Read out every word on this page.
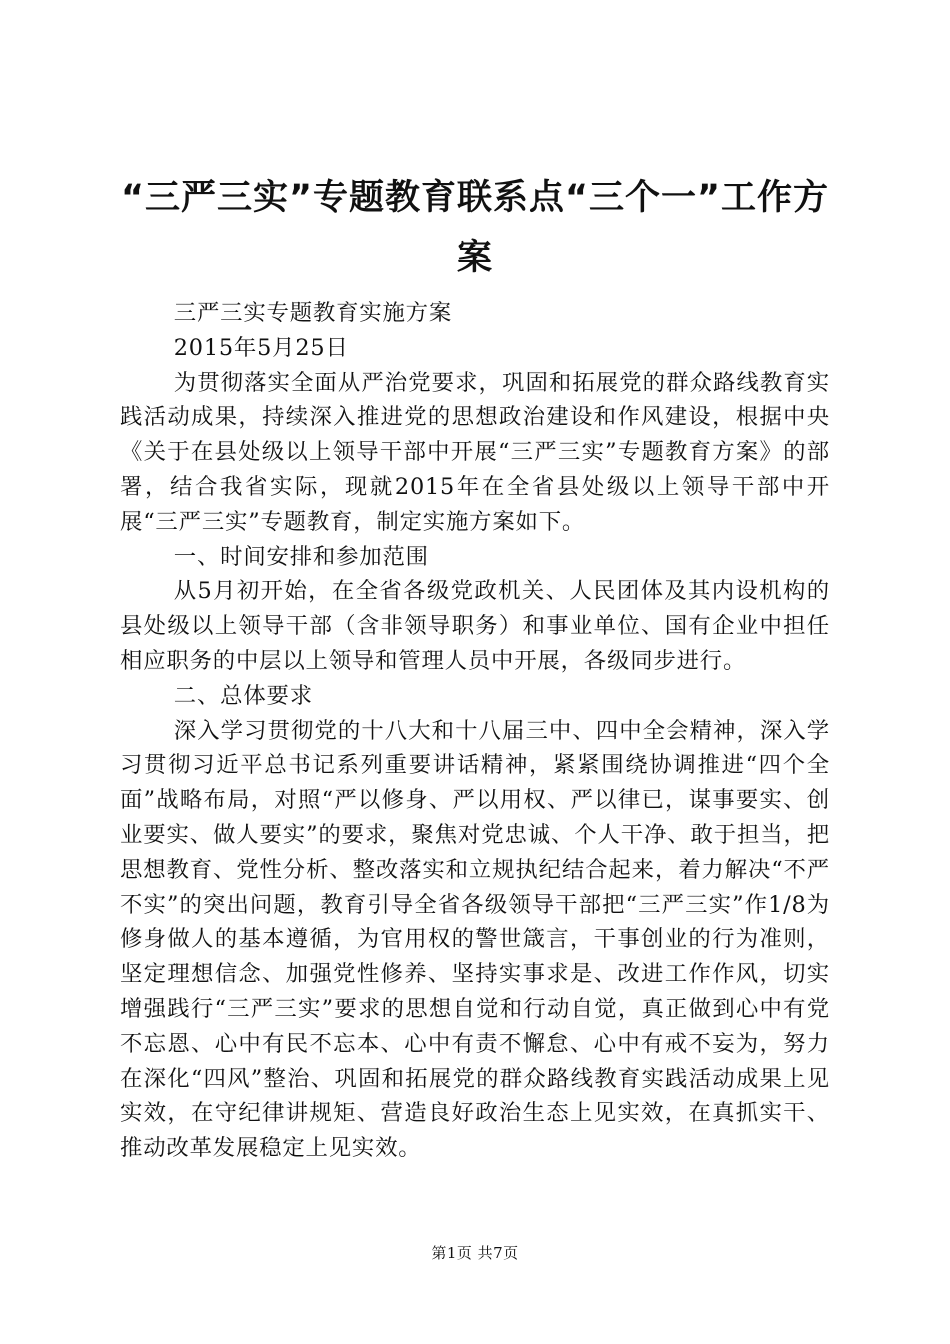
“三严三实”专题教育联系点“三个一”工作方案

三严三实专题教育实施方案

2015年5月25日

为贯彻落实全面从严治党要求，巩固和拓展党的群众路线教育实践活动成果，持续深入推进党的思想政治建设和作风建设，根据中央《关于在县处级以上领导干部中开展“三严三实”专题教育方案》的部署，结合我省实际，现就2015年在全省县处级以上领导干部中开展“三严三实”专题教育，制定实施方案如下。

一、时间安排和参加范围

从5月初开始，在全省各级党政机关、人民团体及其内设机构的县处级以上领导干部（含非领导职务）和事业单位、国有企业中担任相应职务的中层以上领导和管理人员中开展，各级同步进行。

二、总体要求

深入学习贯彻党的十八大和十八届三中、四中全会精神，深入学习贯彻习近平总书记系列重要讲话精神，紧紧围绕协调推进“四个全面”战略布局，对照“严以修身、严以用权、严以律已，谋事要实、创业要实、做人要实”的要求，聚焦对党忠诚、个人干净、敢于担当，把思想教育、党性分析、整改落实和立规执纪结合起来，着力解决“不严不实”的突出问题，教育引导全省各级领导干部把“三严三实”作1/8为修身做人的基本遵循，为官用权的警世箴言，干事创业的行为准则，坚定理想信念、加强党性修养、坚持实事求是、改进工作作风，切实增强践行“三严三实”要求的思想自觉和行动自觉，真正做到心中有党不忘恩、心中有民不忘本、心中有责不懈怠、心中有戒不妄为，努力在深化“四风”整治、巩固和拓展党的群众路线教育实践活动成果上见实效，在守纪律讲规矩、营造良好政治生态上见实效，在真抓实干、推动改革发展稳定上见实效。

第1页 共7页
